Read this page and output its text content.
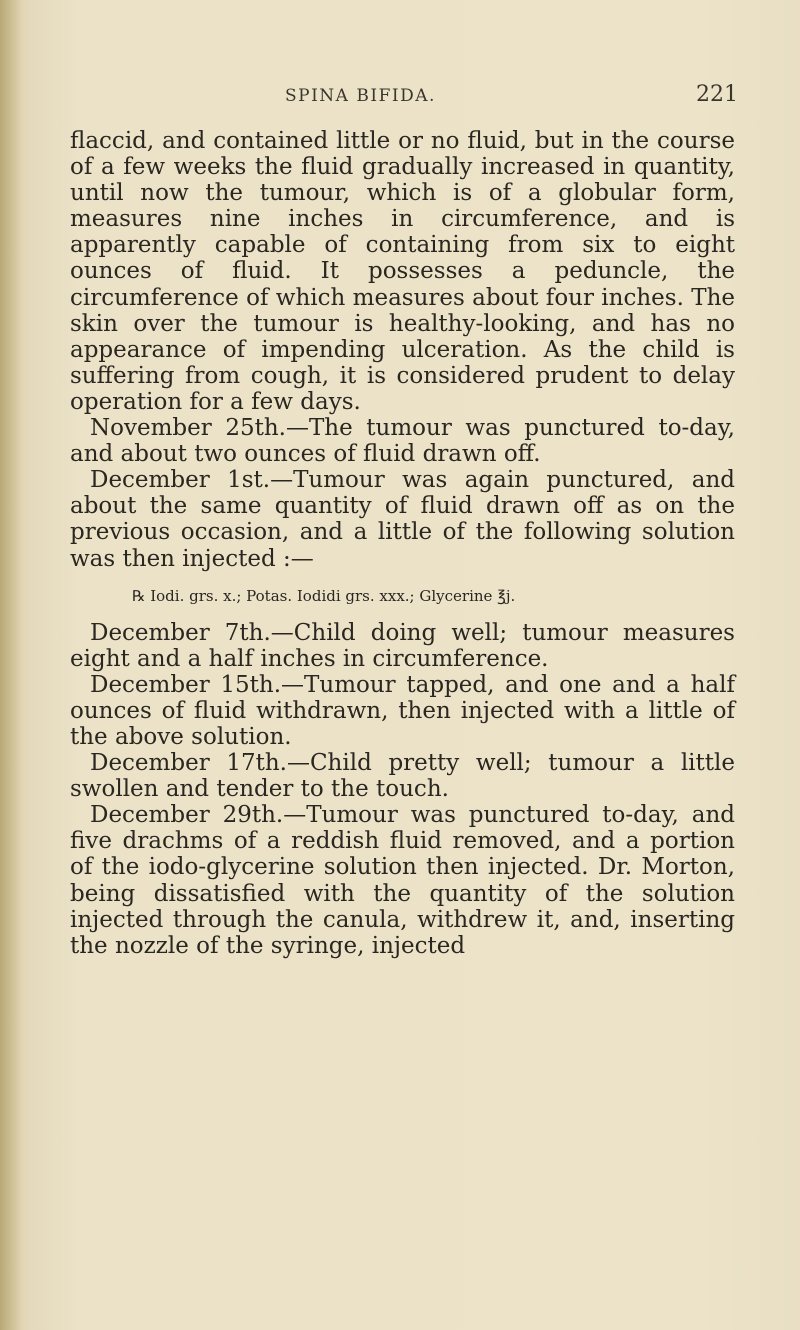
SPINA BIFIDA.	221

flaccid, and contained little or no fluid, but in the course of a few weeks the fluid gradually increased in quantity, until now the tumour, which is of a globular form, measures nine inches in circumference, and is apparently capable of containing from six to eight ounces of fluid. It possesses a peduncle, the circumference of which measures about four inches. The skin over the tumour is healthy-looking, and has no appearance of impending ulceration. As the child is suffering from cough, it is considered prudent to delay operation for a few days.

November 25th.—The tumour was punctured to-day, and about two ounces of fluid drawn off.

December 1st.—Tumour was again punctured, and about the same quantity of fluid drawn off as on the previous occasion, and a little of the following solution was then injected :—

℞ Iodi. grs. x.; Potas. Iodidi grs. xxx.; Glycerine ℥j.

December 7th.—Child doing well; tumour measures eight and a half inches in circumference.

December 15th.—Tumour tapped, and one and a half ounces of fluid withdrawn, then injected with a little of the above solution.

December 17th.—Child pretty well; tumour a little swollen and tender to the touch.

December 29th.—Tumour was punctured to-day, and five drachms of a reddish fluid removed, and a portion of the iodo-glycerine solution then injected. Dr. Morton, being dissatisfied with the quantity of the solution injected through the canula, withdrew it, and, inserting the nozzle of the syringe, injected
